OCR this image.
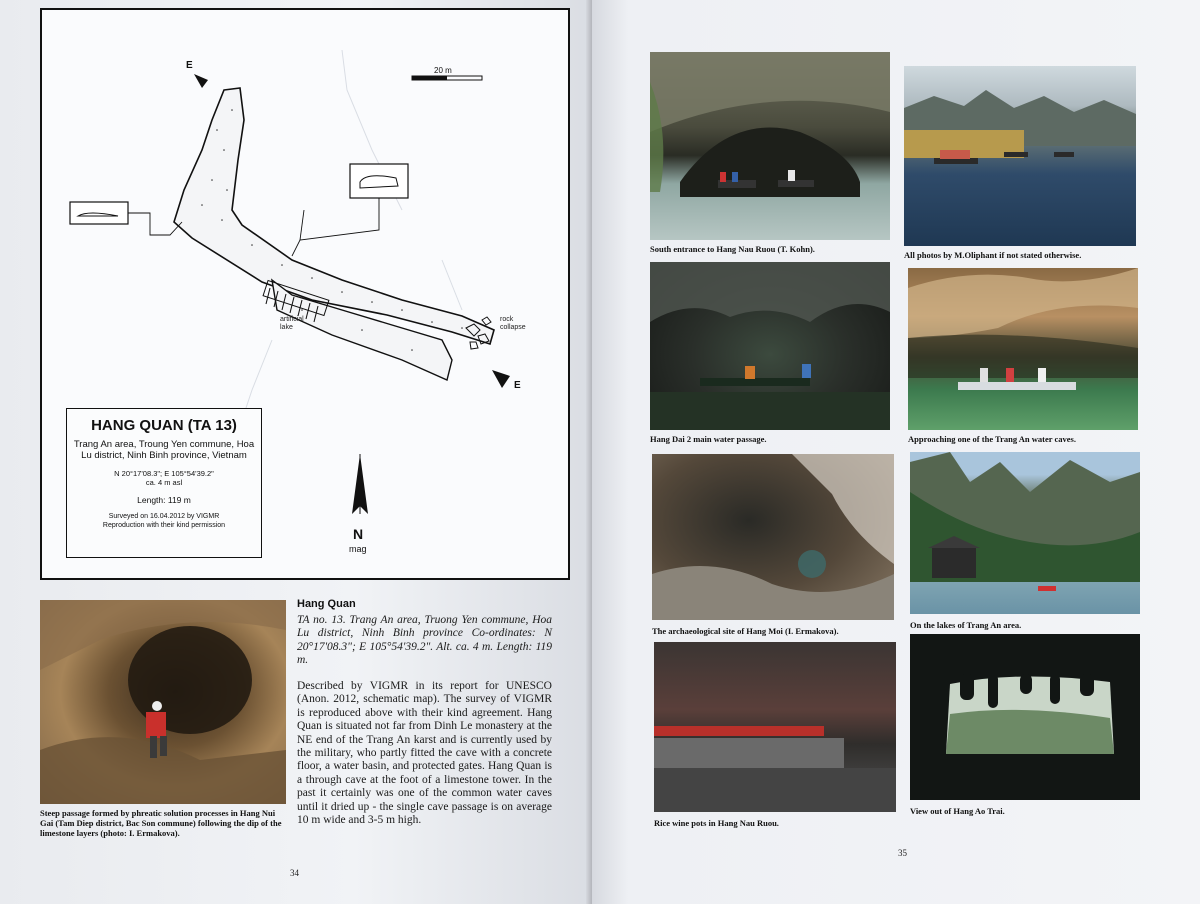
20 m
E
E
artificial
lake
rock
collapse
N
mag
HANG QUAN (TA 13)
Trang An area, Troung Yen commune, Hoa Lu district, Ninh Binh province, Vietnam
N 20°17'08.3"; E 105°54'39.2"
ca. 4 m asl
Length: 119 m
Surveyed on 16.04.2012 by VIGMR
Reproduction with their kind permission
Steep passage formed by phreatic solution processes in Hang Nui Gai (Tam Diep district, Bac Son commune) following the dip of the limestone layers (photo: I. Ermakova).
Hang Quan
TA no. 13. Trang An area, Truong Yen commune, Hoa Lu district, Ninh Binh province Co-ordinates: N 20°17'08.3"; E 105°54'39.2". Alt. ca. 4 m. Length: 119 m.
Described by VIGMR in its report for UNESCO (Anon. 2012, schematic map). The survey of VIGMR is reproduced above with their kind agreement. Hang Quan is situated not far from Dinh Le monastery at the NE end of the Trang An karst and is currently used by the military, who partly fitted the cave with a concrete floor, a water basin, and protected gates. Hang Quan is a through cave at the foot of a limestone tower. In the past it certainly was one of the common water caves until it dried up - the single cave passage is on average 10 m wide and 3-5 m high.
34
South entrance to Hang Nau Ruou (T. Kohn).
All photos by M.Oliphant if not stated otherwise.
Hang Dai 2 main water passage.	Approaching one of the Trang An water caves.
The archaeological site of Hang Moi (I. Ermakova).
On the lakes of Trang An area.
Rice wine pots in Hang Nau Ruou.
View out of Hang Ao Trai.
35
